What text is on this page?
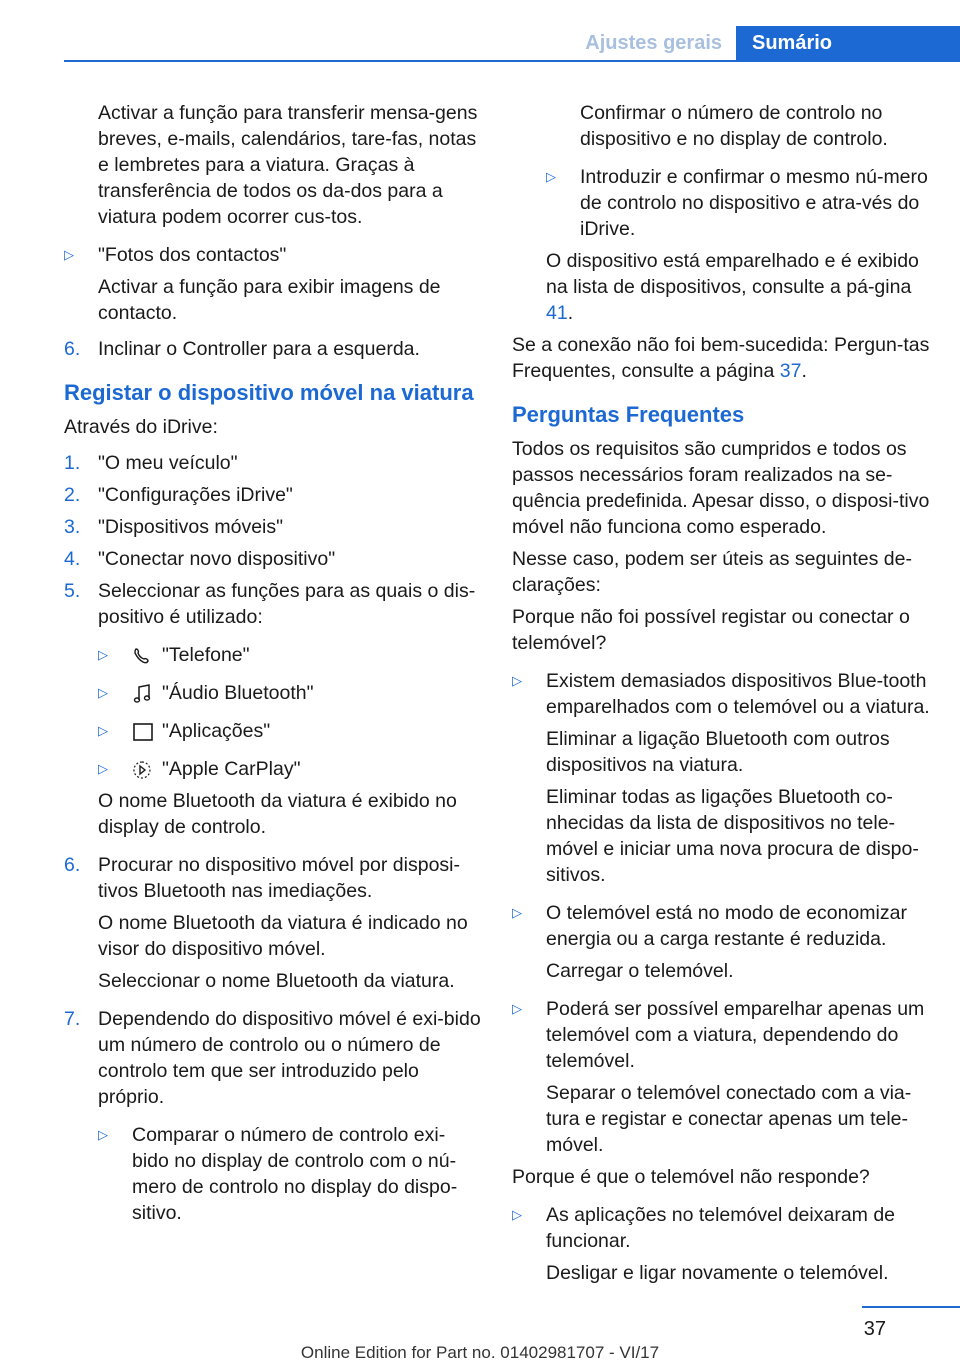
Ajustes gerais	Sumário

Activar a função para transferir mensa-gens breves, e-mails, calendários, tare-fas, notas e lembretes para a viatura. Graças à transferência de todos os da-dos para a viatura podem ocorrer cus-tos.

▷ "Fotos dos contactos"

Activar a função para exibir imagens de contacto.

6. Inclinar o Controller para a esquerda.
Registar o dispositivo móvel na viatura

Através do iDrive:

1. "O meu veículo"
2. "Configurações iDrive"
3. "Dispositivos móveis"
4. "Conectar novo dispositivo"
5. Seleccionar as funções para as quais o dis-positivo é utilizado:
▷	"Telefone"
▷	"Áudio Bluetooth"
▷	"Aplicações"
▷	"Apple CarPlay"

O nome Bluetooth da viatura é exibido no display de controlo.

6. Procurar no dispositivo móvel por disposi-tivos Bluetooth nas imediações.

O nome Bluetooth da viatura é indicado no visor do dispositivo móvel.

Seleccionar o nome Bluetooth da viatura.

7. Dependendo do dispositivo móvel é exi-bido um número de controlo ou o número de controlo tem que ser introduzido pelo próprio.
▷ Comparar o número de controlo exi-bido no display de controlo com o nú-mero de controlo no display do dispo-sitivo.

Confirmar o número de controlo no dispositivo e no display de controlo.

▷ Introduzir e confirmar o mesmo nú-mero de controlo no dispositivo e atra-vés do iDrive.

O dispositivo está emparelhado e é exibido na lista de dispositivos, consulte a pá-gina 41.

Se a conexão não foi bem-sucedida: Pergun-tas Frequentes, consulte a página 37.

Perguntas Frequentes

Todos os requisitos são cumpridos e todos os passos necessários foram realizados na se-quência predefinida. Apesar disso, o disposi-tivo móvel não funciona como esperado.

Nesse caso, podem ser úteis as seguintes de-clarações:

Porque não foi possível registar ou conectar o telemóvel?

▷ Existem demasiados dispositivos Blue-tooth emparelhados com o telemóvel ou a viatura.

Eliminar a ligação Bluetooth com outros dispositivos na viatura.

Eliminar todas as ligações Bluetooth co-nhecidas da lista de dispositivos no tele-móvel e iniciar uma nova procura de dispo-sitivos.

▷ O telemóvel está no modo de economizar energia ou a carga restante é reduzida.

Carregar o telemóvel.

▷ Poderá ser possível emparelhar apenas um telemóvel com a viatura, dependendo do telemóvel.

Separar o telemóvel conectado com a via-tura e registar e conectar apenas um tele-móvel.

Porque é que o telemóvel não responde?

▷ As aplicações no telemóvel deixaram de funcionar.

Desligar e ligar novamente o telemóvel.

37
Online Edition for Part no. 01402981707 - VI/17
